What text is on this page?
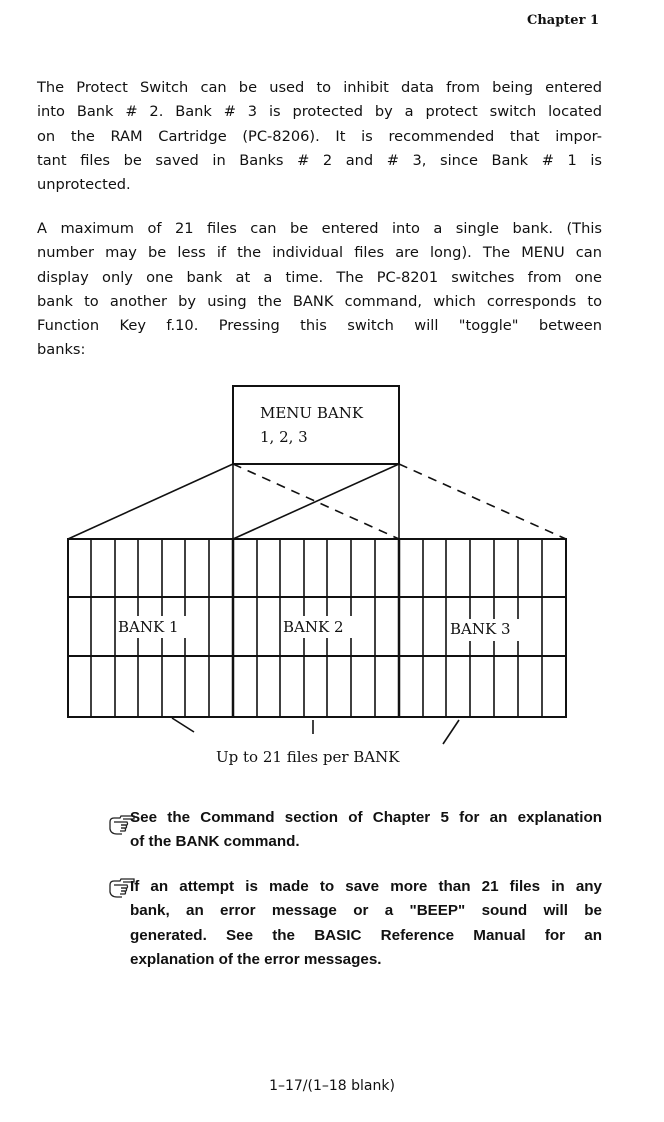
Chapter 1
The Protect Switch can be used to inhibit data from being entered
into Bank # 2. Bank # 3 is protected by a protect switch located
on the RAM Cartridge (PC-8206). It is recommended that impor-
tant files be saved in Banks # 2 and # 3, since Bank # 1 is
unprotected.
A maximum of 21 files can be entered into a single bank. (This
number may be less if the individual files are long). The MENU can
display only one bank at a time. The PC-8201 switches from one
bank to another by using the BANK command, which corresponds to
Function Key f.10. Pressing this switch will "toggle" between
banks:
MENU BANK
1, 2, 3
BANK 1	BANK 2	BANK 3
Up to 21 files per BANK
See the Command section of Chapter 5 for an explanation
of the BANK command.
If an attempt is made to save more than 21 files in any
bank, an error message or a "BEEP" sound will be
generated. See the BASIC Reference Manual for an
explanation of the error messages.
1–17/(1–18 blank)
